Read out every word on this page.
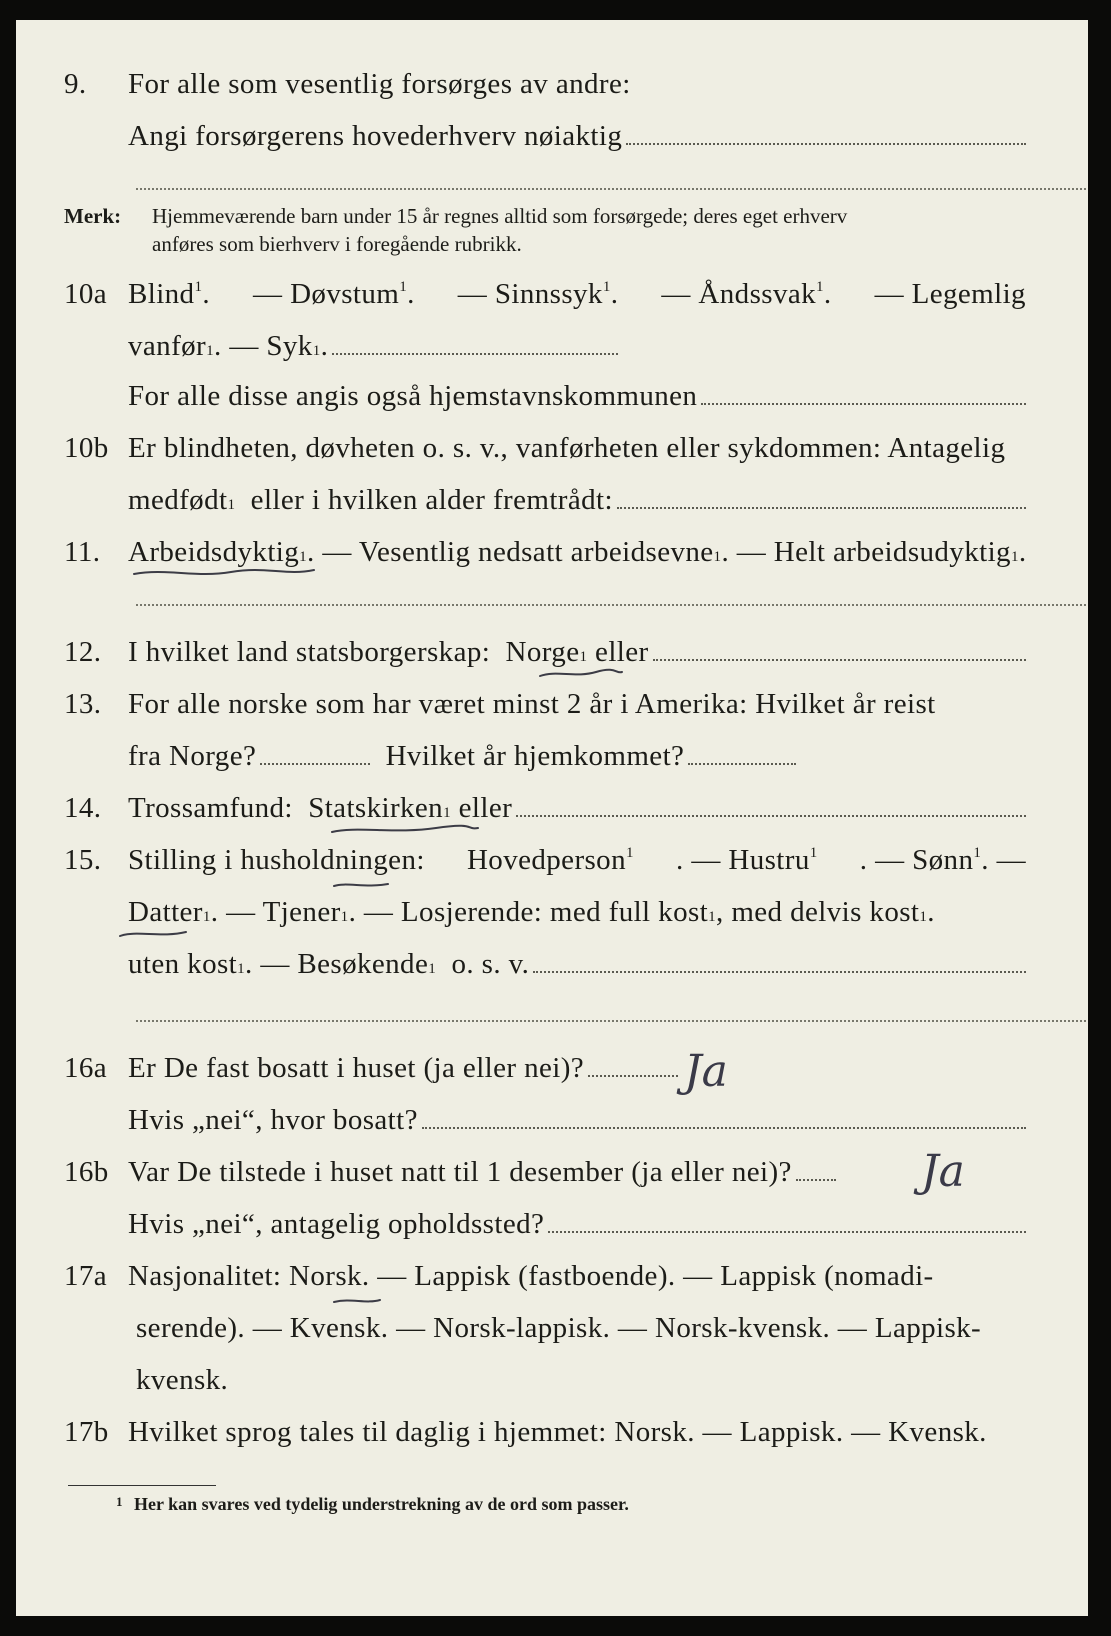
9.	For alle som vesentlig forsørges av andre:
Angi forsørgerens hovederhverv nøiaktig
Merk: Hjemmeværende barn under 15 år regnes alltid som forsørgede; deres eget erhverv
anføres som bierhverv i foregående rubrikk.
10a Blind$^1$. — Døvstum$^1$. — Sinnssyk$^1$. — Åndssvak$^1$. — Legemlig
vanfør 1 . — Syk 1 .
For alle disse angis også hjemstavnskommunen
10b Er blindheten, døvheten o. s. v., vanførheten eller sykdommen: Antagelig
medfødt 1
eller i hvilken alder fremtrådt:
11. Arbeidsdyktig 1 . — Vesentlig nedsatt arbeidsevne 1 . — Helt arbeidsudyktig 1 .
12. I hvilket land statsborgerskap:
Norge 1
eller
13. For alle norske som har været minst 2 år i Amerika: Hvilket år reist
fra Norge?
	Hvilket år hjemkommet?
14. Trossamfund:
Statskirken 1
eller
15. Stilling i husholdningen: Hovedperson$^1$ . — Hustru$^1$ . — Sønn$^1$. —
Datter 1 . — Tjener 1 . — Losjerende: med full kost 1 , med delvis kost 1 .
uten kost 1 . — Besøkende 1
o. s. v.
16a Er De fast bosatt i huset (ja eller nei)? Ja
Hvis „nei“, hvor bosatt?
16b Var De tilstede i huset natt til 1 desember (ja eller nei)?	Ja
Hvis „nei“, antagelig opholdssted?
17a Nasjonalitet: Norsk. — Lappisk (fastboende). — Lappisk (nomadi-
serende). — Kvensk. — Norsk-lappisk. — Norsk-kvensk. — Lappisk-
kvensk.
17b Hvilket sprog tales til daglig i hjemmet: Norsk. — Lappisk. — Kvensk.
1 Her kan svares ved tydelig understrekning av de ord som passer.
